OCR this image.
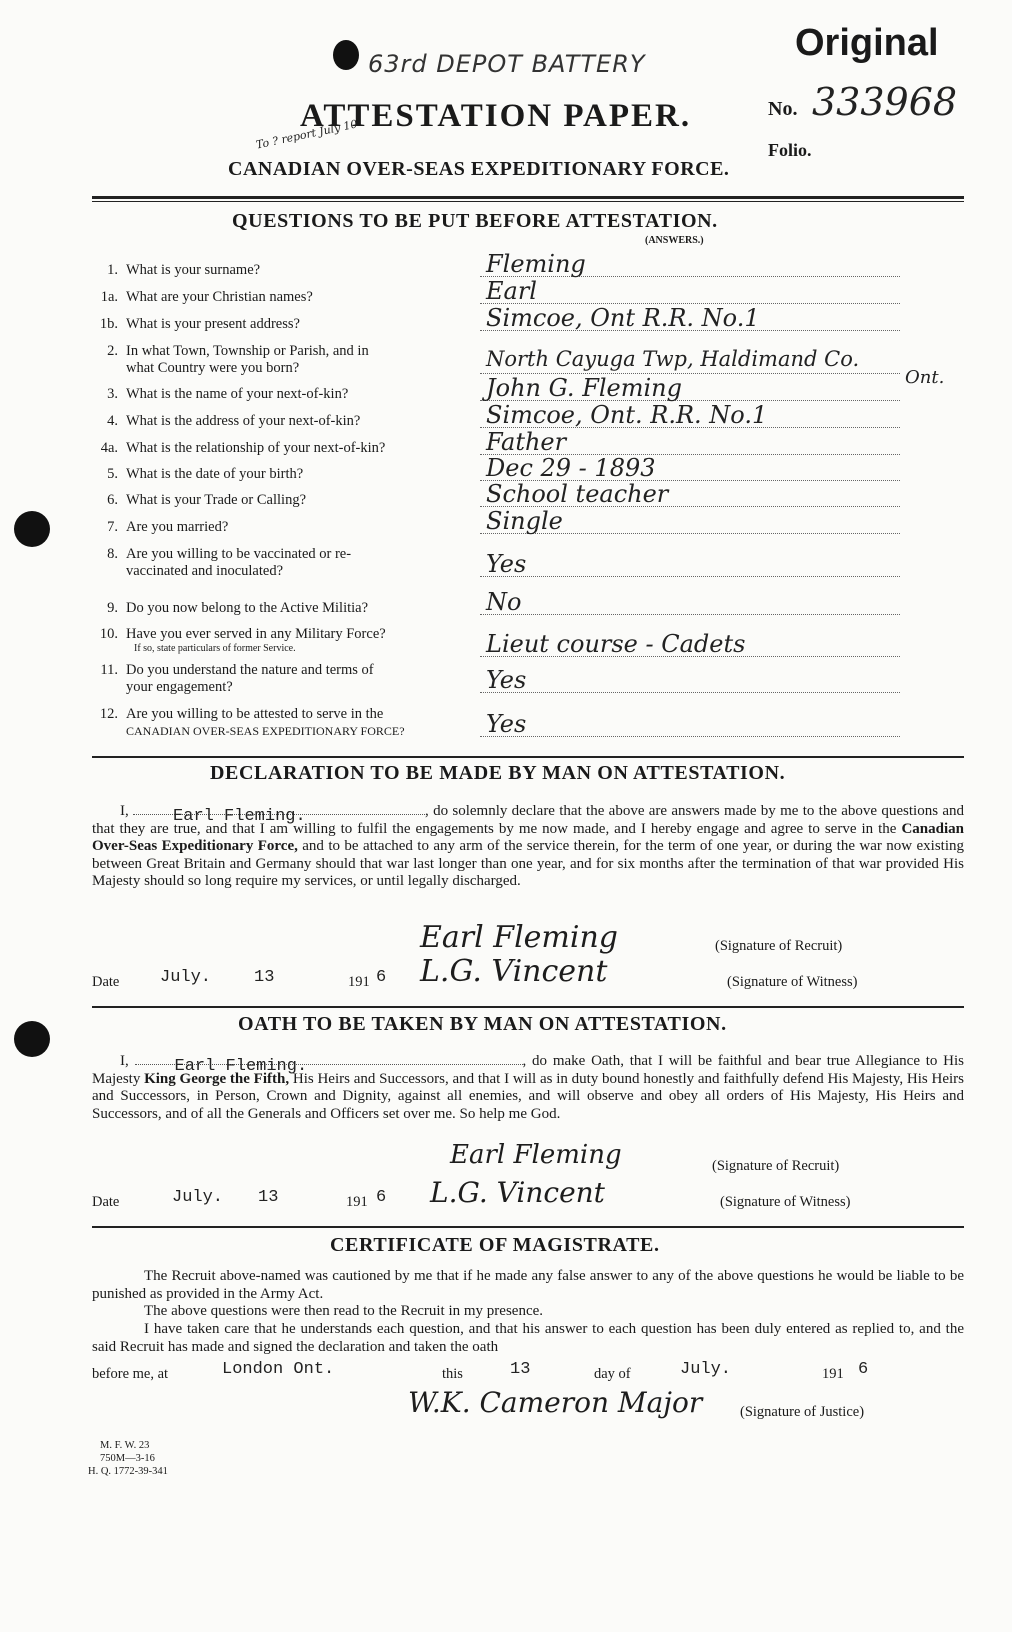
63rd DEPOT BATTERY
ATTESTATION PAPER.
To ? report July 10
CANADIAN OVER-SEAS EXPEDITIONARY FORCE.
Original
No. 333968
Folio.
QUESTIONS TO BE PUT BEFORE ATTESTATION.
(ANSWERS.)
1. What is your surname?	Fleming
1a. What are your Christian names?	Earl
1b. What is your present address?	Simcoe, Ont R.R. No.1
2. In what Town, Township or Parish, and in
what Country were you born?	North Cayuga Twp, Haldimand Co.
Ont.
3. What is the name of your next-of-kin?	John G. Fleming
4. What is the address of your next-of-kin?	Simcoe, Ont. R.R. No.1
4a. What is the relationship of your next-of-kin?	Father
5. What is the date of your birth?	Dec 29 - 1893
6. What is your Trade or Calling?	School teacher
7. Are you married?	Single
8. Are you willing to be vaccinated or re-
vaccinated and inoculated?	Yes
9. Do you now belong to the Active Militia?	No
10. Have you ever served in any Military Force?
If so, state particulars of former Service.	Lieut course - Cadets
11. Do you understand the nature and terms of
your engagement?	Yes
12. Are you willing to be attested to serve in the
CANADIAN OVER-SEAS EXPEDITIONARY FORCE?	Yes
DECLARATION TO BE MADE BY MAN ON ATTESTATION.
I,	Earl Fleming.	, do solemnly declare that the above are answers made by me to the above questions and that they are true, and that I am willing to fulfil the engagements by me now made, and I hereby engage and agree to serve in the Canadian Over-Seas Expeditionary Force, and to be attached to any arm of the service therein, for the term of one year, or during the war now existing between Great Britain and Germany should that war last longer than one year, and for six months after the termination of that war provided His Majesty should so long require my services, or until legally discharged.
Earl Fleming	(Signature of Recruit)
Date July.	13	191 6 L.G. Vincent	(Signature of Witness)
OATH TO BE TAKEN BY MAN ON ATTESTATION.
I,	Earl Fleming.	, do make Oath, that I will be faithful and bear true Allegiance to His Majesty King George the Fifth, His Heirs and Successors, and that I will as in duty bound honestly and faithfully defend His Majesty, His Heirs and Successors, in Person, Crown and Dignity, against all enemies, and will observe and obey all orders of His Majesty, His Heirs and Successors, and of all the Generals and Officers set over me. So help me God.
Earl Fleming	(Signature of Recruit)
Date	July. 13	191 6 L.G. Vincent	(Signature of Witness)
CERTIFICATE OF MAGISTRATE.
The Recruit above-named was cautioned by me that if he made any false answer to any of the above questions he would be liable to be punished as provided in the Army Act.
The above questions were then read to the Recruit in my presence.
I have taken care that he understands each question, and that his answer to each question has been duly entered as replied to, and the said Recruit has made and signed the declaration and taken the oath
before me, at	London Ont.	this	13	day of	July.	191 6
W.K. Cameron Major	(Signature of Justice)
M. F. W. 23
750M—3-16
H. Q. 1772-39-341
